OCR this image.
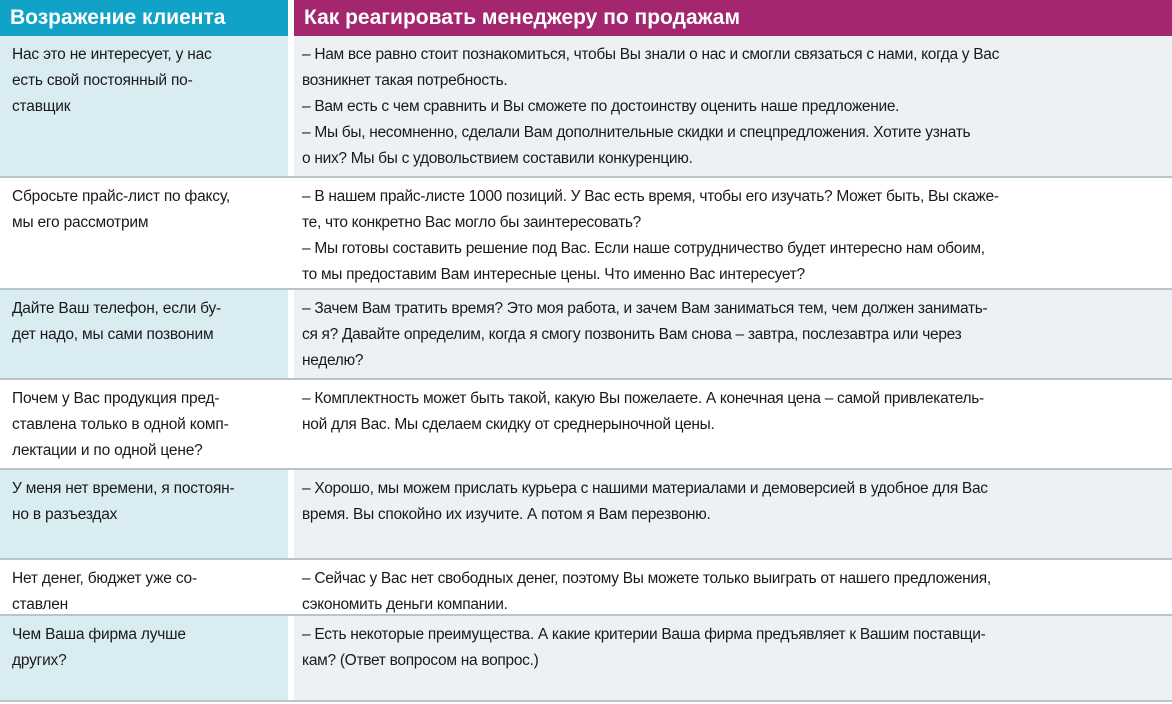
Возражение клиента	Как реагировать менеджеру по продажам
Нас это не интересует, у нас
есть свой постоянный по-
ставщик
– Нам все равно стоит познакомиться, чтобы Вы знали о нас и смогли связаться с нами, когда у Вас
возникнет такая потребность.
– Вам есть с чем сравнить и Вы сможете по достоинству оценить наше предложение.
– Мы бы, несомненно, сделали Вам дополнительные скидки и спецпредложения. Хотите узнать
о них? Мы бы с удовольствием составили конкуренцию.
Сбросьте прайс-лист по факсу,
мы его рассмотрим
– В нашем прайс-листе 1000 позиций. У Вас есть время, чтобы его изучать? Может быть, Вы скаже-
те, что конкретно Вас могло бы заинтересовать?
– Мы готовы составить решение под Вас. Если наше сотрудничество будет интересно нам обоим,
то мы предоставим Вам интересные цены. Что именно Вас интересует?
Дайте Ваш телефон, если бу-
дет надо, мы сами позвоним
– Зачем Вам тратить время? Это моя работа, и зачем Вам заниматься тем, чем должен занимать-
ся я? Давайте определим, когда я смогу позвонить Вам снова – завтра, послезавтра или через
неделю?
Почем у Вас продукция пред-
ставлена только в одной комп-
лектации и по одной цене?
– Комплектность может быть такой, какую Вы пожелаете. А конечная цена – самой привлекатель-
ной для Вас. Мы сделаем скидку от среднерыночной цены.
У меня нет времени, я постоян-
но в разъездах
– Хорошо, мы можем прислать курьера с нашими материалами и демоверсией в удобное для Вас
время. Вы спокойно их изучите. А потом я Вам перезвоню.
Нет денег, бюджет уже со-
ставлен
– Сейчас у Вас нет свободных денег, поэтому Вы можете только выиграть от нашего предложения,
сэкономить деньги компании.
Чем Ваша фирма лучше
других?
– Есть некоторые преимущества. А какие критерии Ваша фирма предъявляет к Вашим поставщи-
кам? (Ответ вопросом на вопрос.)
